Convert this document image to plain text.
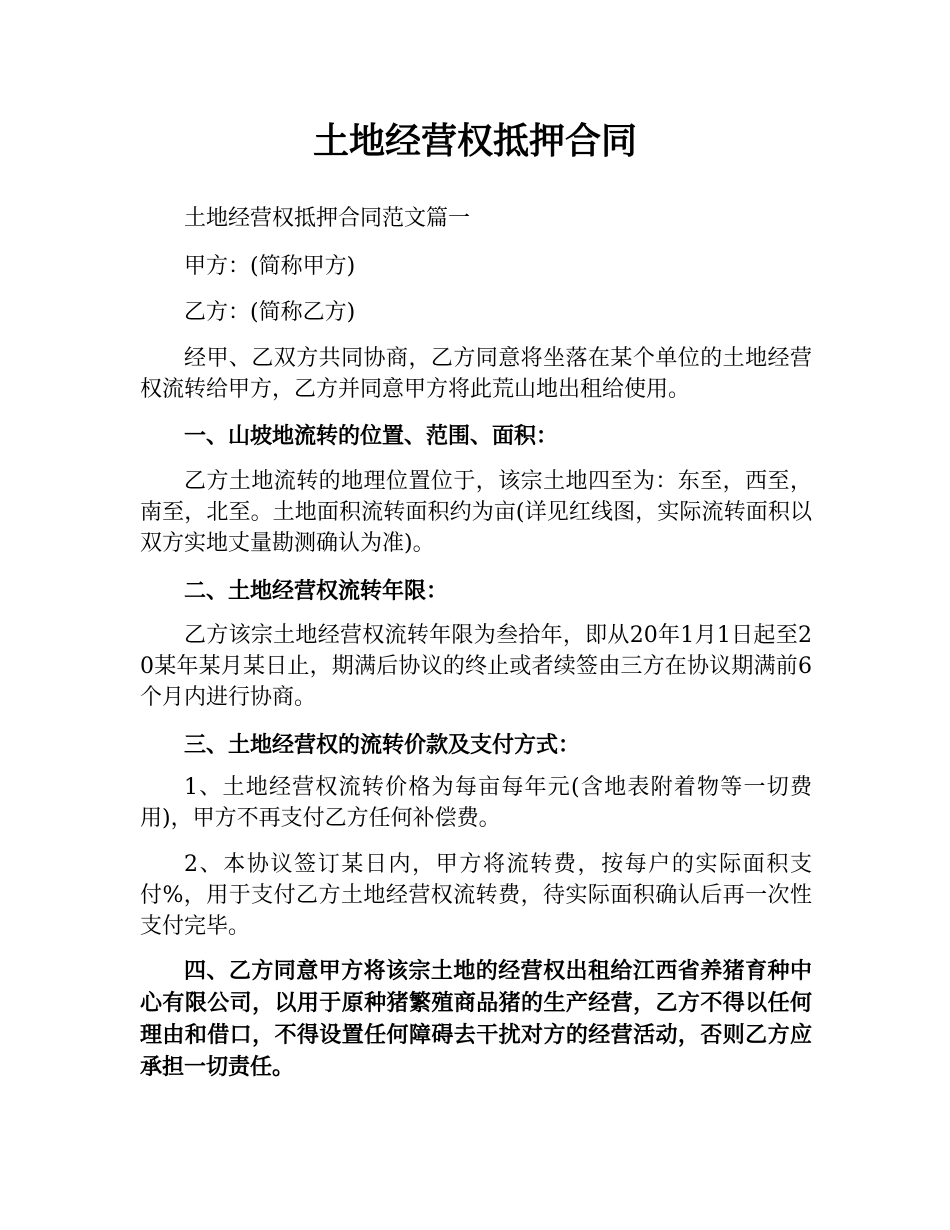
土地经营权抵押合同

土地经营权抵押合同范文篇一

甲方：(简称甲方)

乙方：(简称乙方)

经甲、乙双方共同协商，乙方同意将坐落在某个单位的土地经营权流转给甲方，乙方并同意甲方将此荒山地出租给使用。

一、山坡地流转的位置、范围、面积：

乙方土地流转的地理位置位于，该宗土地四至为：东至，西至，南至，北至。土地面积流转面积约为亩(详见红线图，实际流转面积以双方实地丈量勘测确认为准)。

二、土地经营权流转年限：

乙方该宗土地经营权流转年限为叁拾年，即从20年1月1日起至20某年某月某日止，期满后协议的终止或者续签由三方在协议期满前6个月内进行协商。

三、土地经营权的流转价款及支付方式：

1、土地经营权流转价格为每亩每年元(含地表附着物等一切费用)，甲方不再支付乙方任何补偿费。

2、本协议签订某日内，甲方将流转费，按每户的实际面积支付%，用于支付乙方土地经营权流转费，待实际面积确认后再一次性支付完毕。

四、乙方同意甲方将该宗土地的经营权出租给江西省养猪育种中心有限公司，以用于原种猪繁殖商品猪的生产经营，乙方不得以任何理由和借口，不得设置任何障碍去干扰对方的经营活动，否则乙方应承担一切责任。
